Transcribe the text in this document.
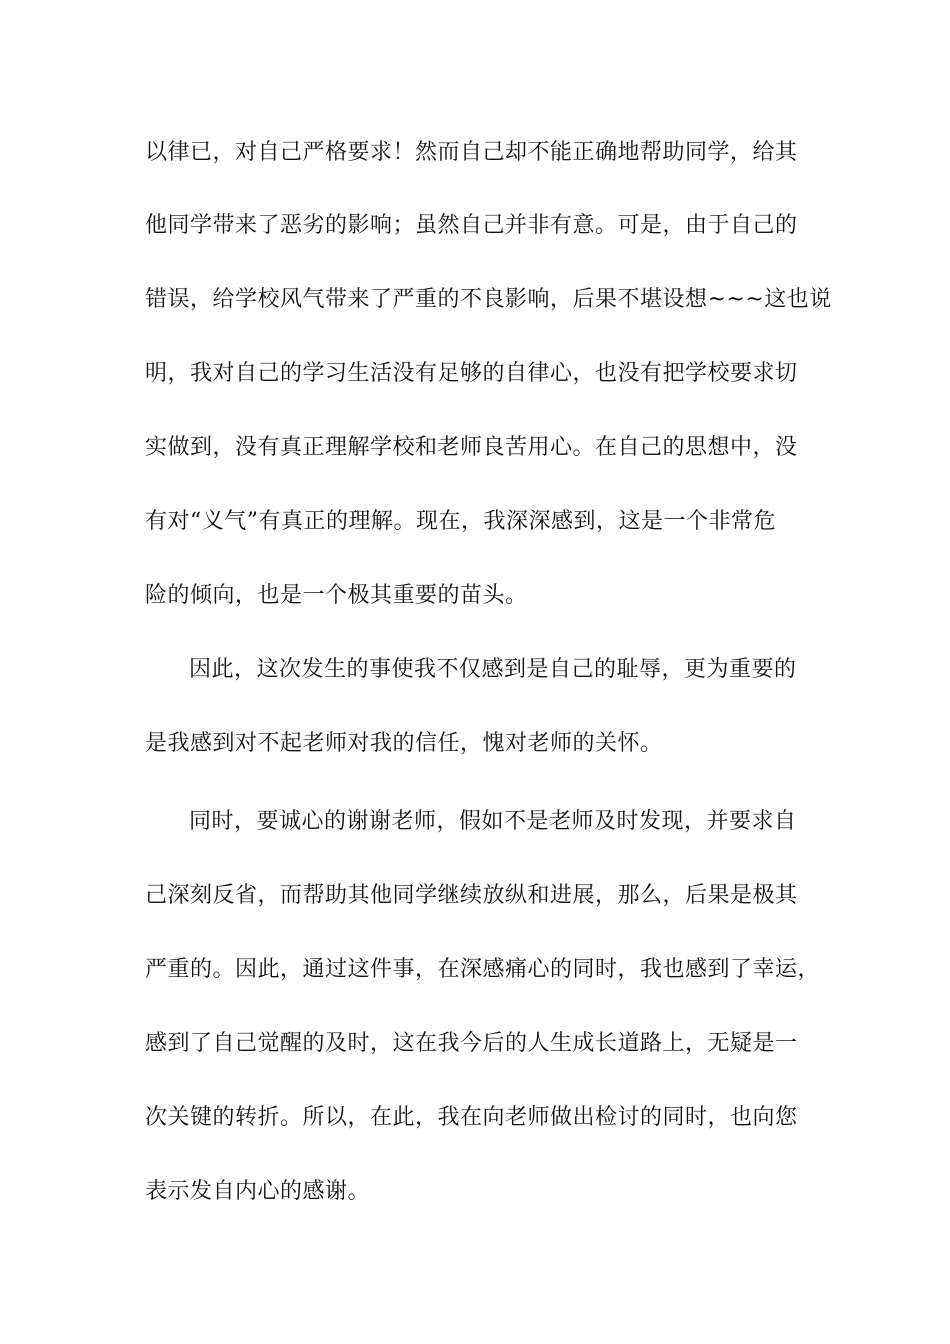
以律已，对自己严格要求！然而自己却不能正确地帮助同学，给其
他同学带来了恶劣的影响；虽然自己并非有意。可是，由于自己的
错误，给学校风气带来了严重的不良影响，后果不堪设想~~~这也说
明，我对自己的学习生活没有足够的自律心，也没有把学校要求切
实做到，没有真正理解学校和老师良苦用心。在自己的思想中，没
有对“义气”有真正的理解。现在，我深深感到，这是一个非常危
险的倾向，也是一个极其重要的苗头。
因此，这次发生的事使我不仅感到是自己的耻辱，更为重要的
是我感到对不起老师对我的信任，愧对老师的关怀。
同时，要诚心的谢谢老师，假如不是老师及时发现，并要求自
己深刻反省，而帮助其他同学继续放纵和进展，那么，后果是极其
严重的。因此，通过这件事，在深感痛心的同时，我也感到了幸运，
感到了自己觉醒的及时，这在我今后的人生成长道路上，无疑是一
次关键的转折。所以，在此，我在向老师做出检讨的同时，也向您
表示发自内心的感谢。
